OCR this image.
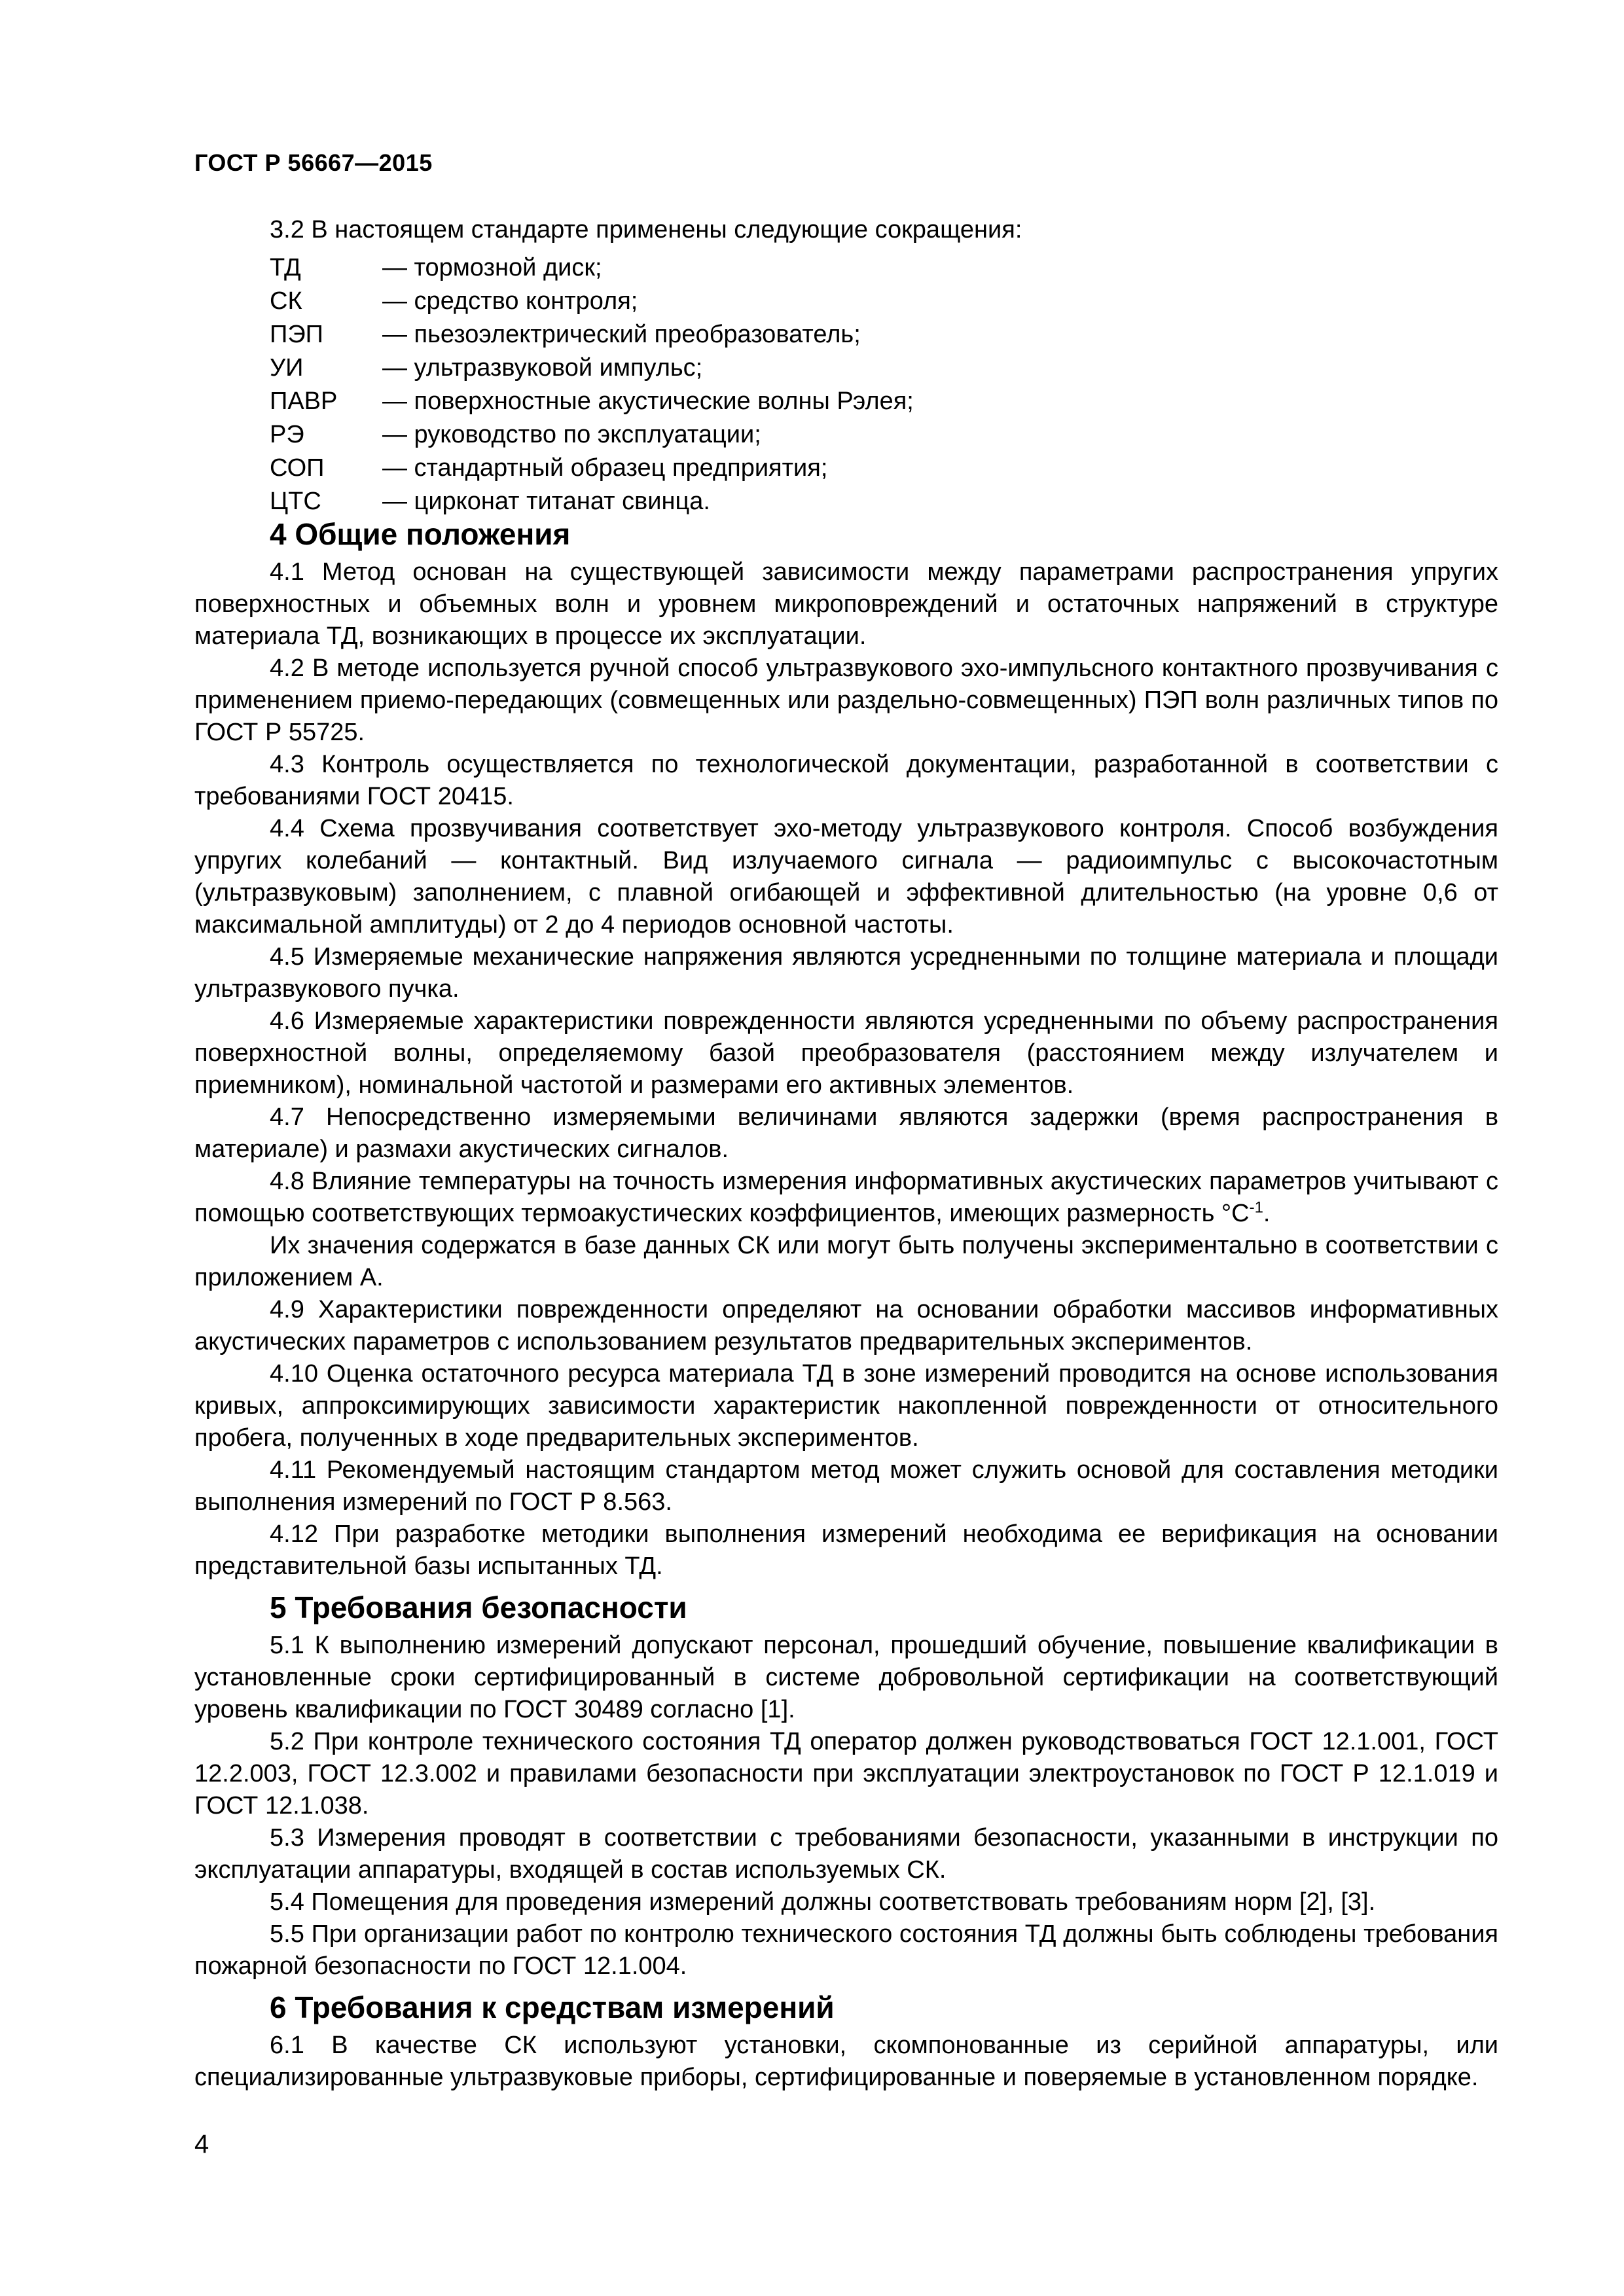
ГОСТ Р 56667—2015
3.2 В настоящем стандарте применены следующие сокращения:
ТД	— тормозной диск;
СК	— средство контроля;
ПЭП	— пьезоэлектрический преобразователь;
УИ	— ультразвуковой импульс;
ПАВР	— поверхностные акустические волны Рэлея;
РЭ	— руководство по эксплуатации;
СОП	— стандартный образец предприятия;
ЦТС	— цирконат титанат свинца.
4 Общие положения

4.1 Метод основан на существующей зависимости между параметрами распространения упругих поверхностных и объемных волн и уровнем микроповреждений и остаточных напряжений в структуре материала ТД, возникающих в процессе их эксплуатации.

4.2 В методе используется ручной способ ультразвукового эхо-импульсного контактного прозвучивания с применением приемо-передающих (совмещенных или раздельно-совмещенных) ПЭП волн различных типов по ГОСТ Р 55725.

4.3 Контроль осуществляется по технологической документации, разработанной в соответствии с требованиями ГОСТ 20415.

4.4 Схема прозвучивания соответствует эхо-методу ультразвукового контроля. Способ возбуждения упругих колебаний — контактный. Вид излучаемого сигнала — радиоимпульс с высокочастотным (ультразвуковым) заполнением, с плавной огибающей и эффективной длительностью (на уровне 0,6 от максимальной амплитуды) от 2 до 4 периодов основной частоты.

4.5 Измеряемые механические напряжения являются усредненными по толщине материала и площади ультразвукового пучка.

4.6 Измеряемые характеристики поврежденности являются усредненными по объему распространения поверхностной волны, определяемому базой преобразователя (расстоянием между излучателем и приемником), номинальной частотой и размерами его активных элементов.

4.7 Непосредственно измеряемыми величинами являются задержки (время распространения в материале) и размахи акустических сигналов.

4.8 Влияние температуры на точность измерения информативных акустических параметров учитывают с помощью соответствующих термоакустических коэффициентов, имеющих размерность $^\circ С^{-1}$.

Их значения содержатся в базе данных СК или могут быть получены экспериментально в соответствии с приложением А.

4.9 Характеристики поврежденности определяют на основании обработки массивов информативных акустических параметров с использованием результатов предварительных экспериментов.

4.10 Оценка остаточного ресурса материала ТД в зоне измерений проводится на основе использования кривых, аппроксимирующих зависимости характеристик накопленной поврежденности от относительного пробега, полученных в ходе предварительных экспериментов.

4.11 Рекомендуемый настоящим стандартом метод может служить основой для составления методики выполнения измерений по ГОСТ Р 8.563.

4.12 При разработке методики выполнения измерений необходима ее верификация на основании представительной базы испытанных ТД.

5 Требования безопасности

5.1 К выполнению измерений допускают персонал, прошедший обучение, повышение квалификации в установленные сроки сертифицированный в системе добровольной сертификации на соответствующий уровень квалификации по ГОСТ 30489 согласно [1].

5.2 При контроле технического состояния ТД оператор должен руководствоваться ГОСТ 12.1.001, ГОСТ 12.2.003, ГОСТ 12.3.002 и правилами безопасности при эксплуатации электроустановок по ГОСТ Р 12.1.019 и ГОСТ 12.1.038.

5.3 Измерения проводят в соответствии с требованиями безопасности, указанными в инструкции по эксплуатации аппаратуры, входящей в состав используемых СК.

5.4 Помещения для проведения измерений должны соответствовать требованиям норм [2], [3].

5.5 При организации работ по контролю технического состояния ТД должны быть соблюдены требования пожарной безопасности по ГОСТ 12.1.004.

6 Требования к средствам измерений

6.1 В качестве СК используют установки, скомпонованные из серийной аппаратуры, или специализированные ультразвуковые приборы, сертифицированные и поверяемые в установленном порядке.

4
